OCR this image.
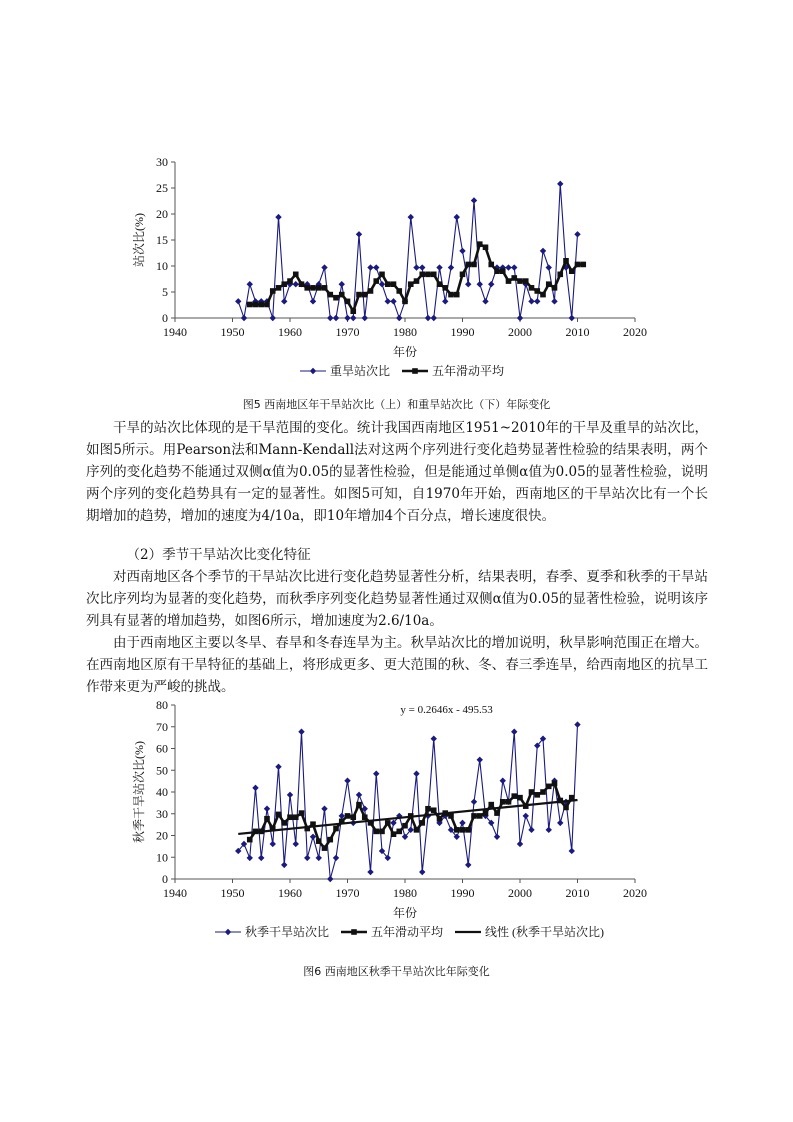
0
5
10
15
20
25
30
1940	1950	1960	1970	1980	1990	2000	2010	2020
站次比(%)
年份
重旱站次比	五年滑动平均
图5 西南地区年干旱站次比（上）和重旱站次比（下）年际变化

干旱的站次比体现的是干旱范围的变化。统计我国西南地区1951~2010年的干旱及重旱的站次比，如图5所示。用Pearson法和Mann-Kendall法对这两个序列进行变化趋势显著性检验的结果表明，两个序列的变化趋势不能通过双侧α值为0.05的显著性检验，但是能通过单侧α值为0.05的显著性检验，说明两个序列的变化趋势具有一定的显著性。如图5可知，自1970年开始，西南地区的干旱站次比有一个长期增加的趋势，增加的速度为4/10a，即10年增加4个百分点，增长速度很快。

（2）季节干旱站次比变化特征

对西南地区各个季节的干旱站次比进行变化趋势显著性分析，结果表明，春季、夏季和秋季的干旱站次比序列均为显著的变化趋势，而秋季序列变化趋势显著性通过双侧α值为0.05的显著性检验，说明该序列具有显著的增加趋势，如图6所示，增加速度为2.6/10a。

由于西南地区主要以冬旱、春旱和冬春连旱为主。秋旱站次比的增加说明，秋旱影响范围正在增大。在西南地区原有干旱特征的基础上，将形成更多、更大范围的秋、冬、春三季连旱，给西南地区的抗旱工作带来更为严峻的挑战。

0
10
20
30
40
50
60
70
80
1940	1950	1960	1970	1980	1990	2000	2010	2020
秋季干旱站次比(%)
年份
y = 0.2646x - 495.53
秋季干旱站次比	五年滑动平均	线性 (秋季干旱站次比)
图6 西南地区秋季干旱站次比年际变化
